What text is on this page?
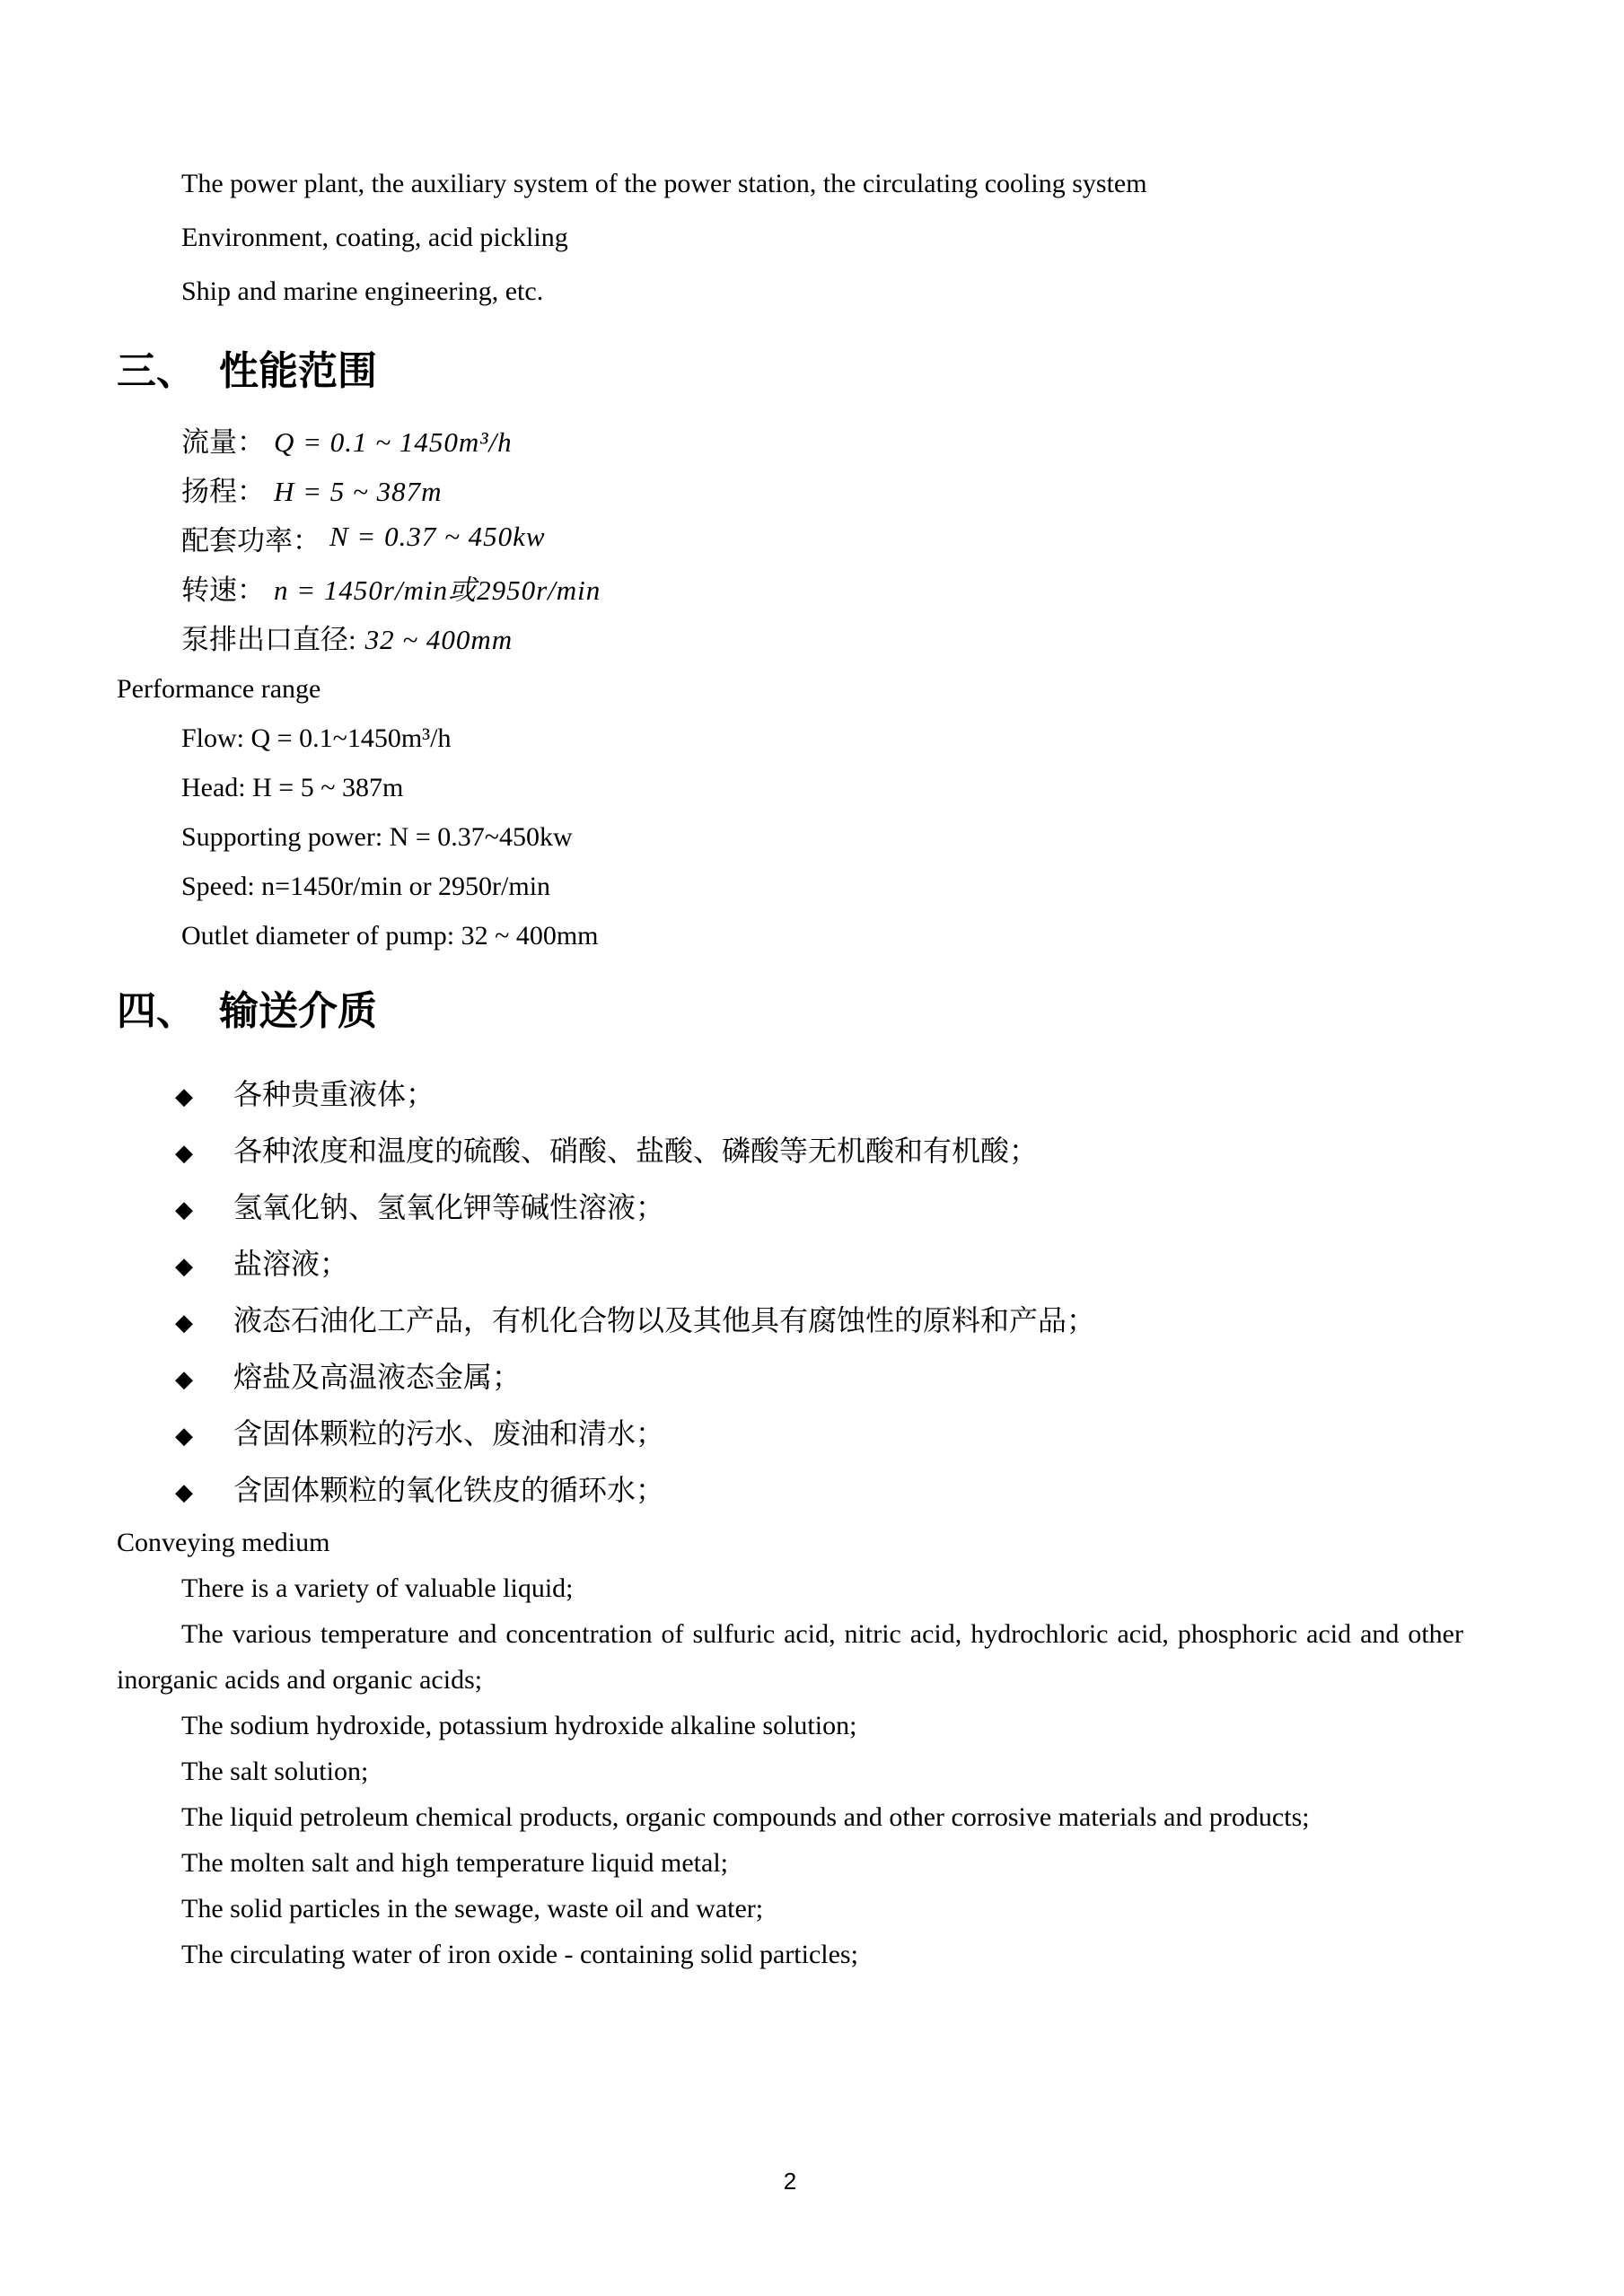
The power plant, the auxiliary system of the power station, the circulating cooling system
Environment, coating, acid pickling
Ship and marine engineering, etc.
三、 性能范围
流量： Q = 0.1 ~ 1450m³/h
扬程： H = 5 ~ 387m
配套功率： N = 0.37 ~ 450kw
转速： n = 1450r/min或2950r/min
泵排出口直径: 32 ~ 400mm
Performance range
Flow: Q = 0.1~1450m³/h
Head: H = 5 ~ 387m
Supporting power: N = 0.37~450kw
Speed: n=1450r/min or 2950r/min
Outlet diameter of pump: 32 ~ 400mm
四、 输送介质
◆	各种贵重液体；
◆	各种浓度和温度的硫酸、硝酸、盐酸、磷酸等无机酸和有机酸；
◆	氢氧化钠、氢氧化钾等碱性溶液；
◆	盐溶液；
◆	液态石油化工产品，有机化合物以及其他具有腐蚀性的原料和产品；
◆	熔盐及高温液态金属；
◆	含固体颗粒的污水、废油和清水；
◆	含固体颗粒的氧化铁皮的循环水；
Conveying medium

There is a variety of valuable liquid;

The various temperature and concentration of sulfuric acid, nitric acid, hydrochloric acid, phosphoric acid and other inorganic acids and organic acids;

The sodium hydroxide, potassium hydroxide alkaline solution;

The salt solution;

The liquid petroleum chemical products, organic compounds and other corrosive materials and products;

The molten salt and high temperature liquid metal;

The solid particles in the sewage, waste oil and water;

The circulating water of iron oxide - containing solid particles;

2
